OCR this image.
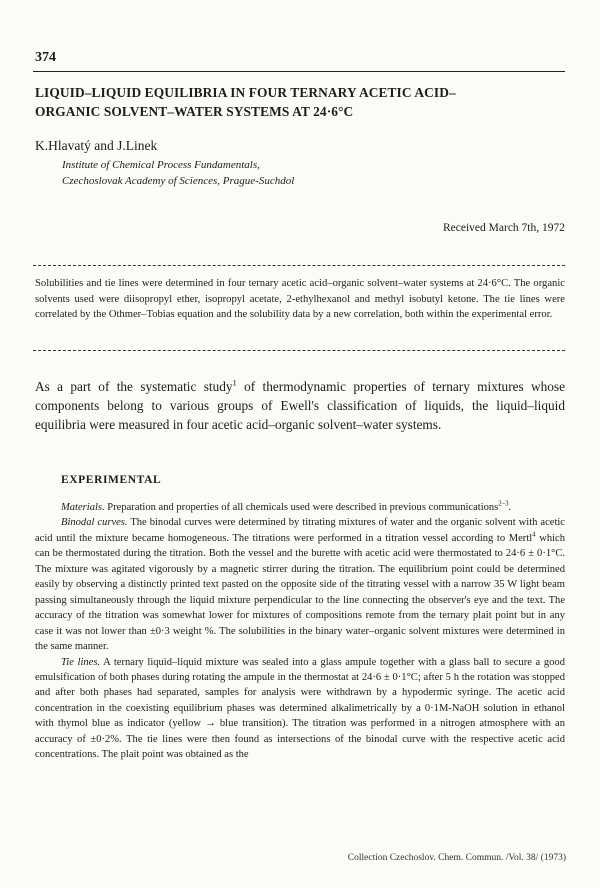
374
LIQUID–LIQUID EQUILIBRIA IN FOUR TERNARY ACETIC ACID–
ORGANIC SOLVENT–WATER SYSTEMS AT 24·6°C
K.Hlavatý and J.Linek
Institute of Chemical Process Fundamentals,
Czechoslovak Academy of Sciences, Prague-Suchdol
Received March 7th, 1972
Solubilities and tie lines were determined in four ternary acetic acid–organic solvent–water systems at 24·6°C. The organic solvents used were diisopropyl ether, isopropyl acetate, 2-ethylhexanol and methyl isobutyl ketone. The tie lines were correlated by the Othmer–Tobias equation and the solubility data by a new correlation, both within the experimental error.
As a part of the systematic study$^1$ of thermodynamic properties of ternary mixtures whose components belong to various groups of Ewell's classification of liquids, the liquid–liquid equilibria were measured in four acetic acid–organic solvent–water systems.
EXPERIMENTAL

Materials. Preparation and properties of all chemicals used were described in previous communications$^{2-3}$.

Binodal curves. The binodal curves were determined by titrating mixtures of water and the organic solvent with acetic acid until the mixture became homogeneous. The titrations were performed in a titration vessel according to Mertl$^4$ which can be thermostated during the titration. Both the vessel and the burette with acetic acid were thermostated to 24·6 ± 0·1°C. The mixture was agitated vigorously by a magnetic stirrer during the titration. The equilibrium point could be determined easily by observing a distinctly printed text pasted on the opposite side of the titrating vessel with a narrow 35 W light beam passing simultaneously through the liquid mixture perpendicular to the line connecting the observer's eye and the text. The accuracy of the titration was somewhat lower for mixtures of compositions remote from the ternary plait point but in any case it was not lower than ±0·3 weight %. The solubilities in the binary water–organic solvent mixtures were determined in the same manner.

Tie lines. A ternary liquid–liquid mixture was sealed into a glass ampule together with a glass ball to secure a good emulsification of both phases during rotating the ampule in the thermostat at 24·6 ± 0·1°C; after 5 h the rotation was stopped and after both phases had separated, samples for analysis were withdrawn by a hypodermic syringe. The acetic acid concentration in the coexisting equilibrium phases was determined alkalimetrically by a 0·1M-NaOH solution in ethanol with thymol blue as indicator (yellow → blue transition). The titration was performed in a nitrogen atmosphere with an accuracy of ±0·2%. The tie lines were then found as intersections of the binodal curve with the respective acetic acid concentrations. The plait point was obtained as the

Collection Czechoslov. Chem. Commun. /Vol. 38/ (1973)
